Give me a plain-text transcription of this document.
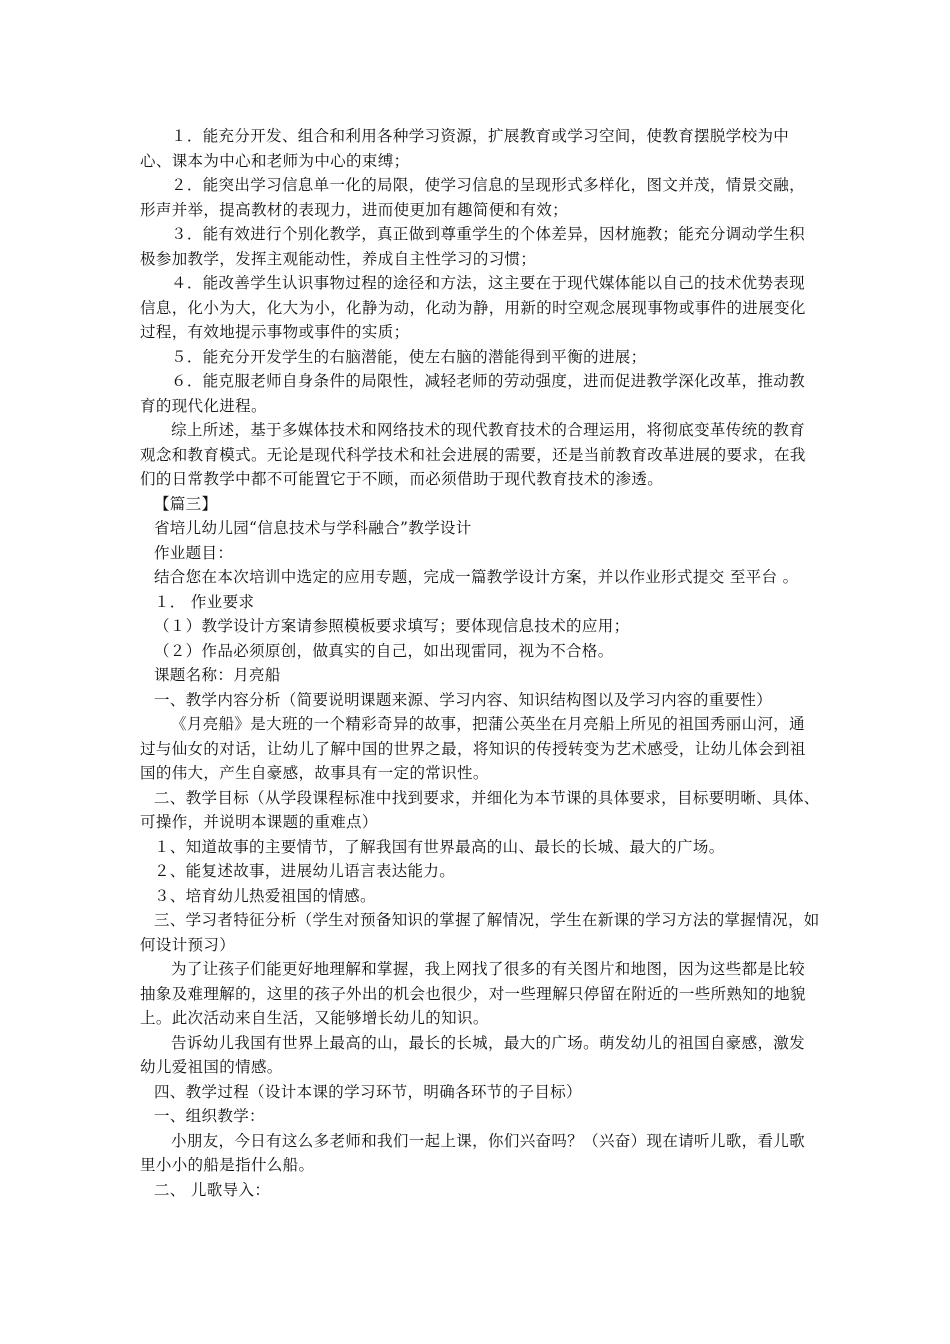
１．能充分开发、组合和利用各种学习资源，扩展教育或学习空间，使教育摆脱学校为中心、课本为中心和老师为中心的束缚；

２．能突出学习信息单一化的局限，使学习信息的呈现形式多样化，图文并茂，情景交融，形声并举，提高教材的表现力，进而使更加有趣简便和有效；

３．能有效进行个别化教学，真正做到尊重学生的个体差异，因材施教；能充分调动学生积极参加教学，发挥主观能动性，养成自主性学习的习惯；

４．能改善学生认识事物过程的途径和方法，这主要在于现代媒体能以自己的技术优势表现信息，化小为大，化大为小，化静为动，化动为静，用新的时空观念展现事物或事件的进展变化过程，有效地提示事物或事件的实质；

５．能充分开发学生的右脑潜能，使左右脑的潜能得到平衡的进展；

６．能克服老师自身条件的局限性，减轻老师的劳动强度，进而促进教学深化改革，推动教育的现代化进程。

综上所述，基于多媒体技术和网络技术的现代教育技术的合理运用，将彻底变革传统的教育观念和教育模式。无论是现代科学技术和社会进展的需要，还是当前教育改革进展的要求，在我们的日常教学中都不可能置它于不顾，而必须借助于现代教育技术的渗透。

【篇三】

省培儿幼儿园“信息技术与学科融合”教学设计

作业题目：

结合您在本次培训中选定的应用专题，完成一篇教学设计方案，并以作业形式提交 至平台 。

１． 作业要求

（１）教学设计方案请参照模板要求填写；要体现信息技术的应用；

（２）作品必须原创，做真实的自己，如出现雷同，视为不合格。

课题名称：月亮船

一、教学内容分析（简要说明课题来源、学习内容、知识结构图以及学习内容的重要性）

《月亮船》是大班的一个精彩奇异的故事，把蒲公英坐在月亮船上所见的祖国秀丽山河，通过与仙女的对话，让幼儿了解中国的世界之最，将知识的传授转变为艺术感受，让幼儿体会到祖国的伟大，产生自豪感，故事具有一定的常识性。

二、教学目标（从学段课程标准中找到要求，并细化为本节课的具体要求，目标要明晰、具体、可操作，并说明本课题的重难点）

１、知道故事的主要情节，了解我国有世界最高的山、最长的长城、最大的广场。

２、能复述故事，进展幼儿语言表达能力。

３、培育幼儿热爱祖国的情感。

三、学习者特征分析（学生对预备知识的掌握了解情况，学生在新课的学习方法的掌握情况，如何设计预习）

为了让孩子们能更好地理解和掌握，我上网找了很多的有关图片和地图，因为这些都是比较抽象及难理解的，这里的孩子外出的机会也很少，对一些理解只停留在附近的一些所熟知的地貌上。此次活动来自生活，又能够增长幼儿的知识。

告诉幼儿我国有世界上最高的山，最长的长城，最大的广场。萌发幼儿的祖国自豪感，激发幼儿爱祖国的情感。

四、教学过程（设计本课的学习环节，明确各环节的子目标）

一、组织教学：

小朋友，今日有这么多老师和我们一起上课，你们兴奋吗？（兴奋）现在请听儿歌，看儿歌里小小的船是指什么船。

二、 儿歌导入：
